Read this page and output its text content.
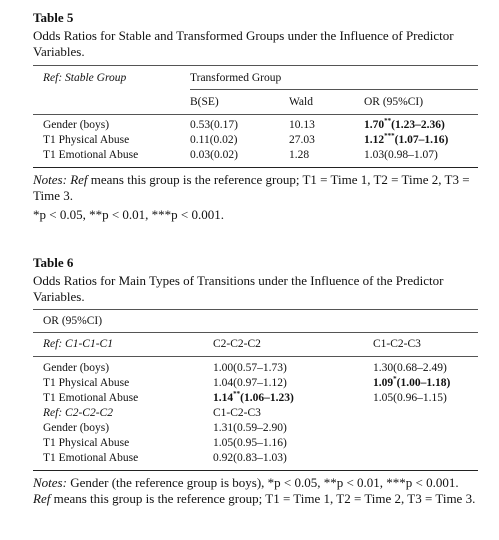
Table 5
Odds Ratios for Stable and Transformed Groups under the Influence of Predictor Variables.
Ref: Stable Group	Transformed Group
B(SE)	Wald	OR (95%CI)
Gender (boys)	0.53(0.17)	10.13	1.70**(1.23–2.36)
T1 Physical Abuse	0.11(0.02)	27.03	1.12***(1.07–1.16)
T1 Emotional Abuse	0.03(0.02)	1.28	1.03(0.98–1.07)
Notes: Ref means this group is the reference group; T1 = Time 1, T2 = Time 2, T3 = Time 3.
*p < 0.05, **p < 0.01, ***p < 0.001.
Table 6
Odds Ratios for Main Types of Transitions under the Influence of the Predictor Variables.
OR (95%CI)
Ref: C1-C1-C1	C2-C2-C2	C1-C2-C3
Gender (boys)	1.00(0.57–1.73)	1.30(0.68–2.49)
T1 Physical Abuse	1.04(0.97–1.12)	1.09*(1.00–1.18)
T1 Emotional Abuse	1.14**(1.06–1.23)	1.05(0.96–1.15)
Ref: C2-C2-C2	C1-C2-C3
Gender (boys)	1.31(0.59–2.90)
T1 Physical Abuse	1.05(0.95–1.16)
T1 Emotional Abuse	0.92(0.83–1.03)
Notes: Gender (the reference group is boys), *p < 0.05, **p < 0.01, ***p < 0.001. Ref means this group is the reference group; T1 = Time 1, T2 = Time 2, T3 = Time 3.
